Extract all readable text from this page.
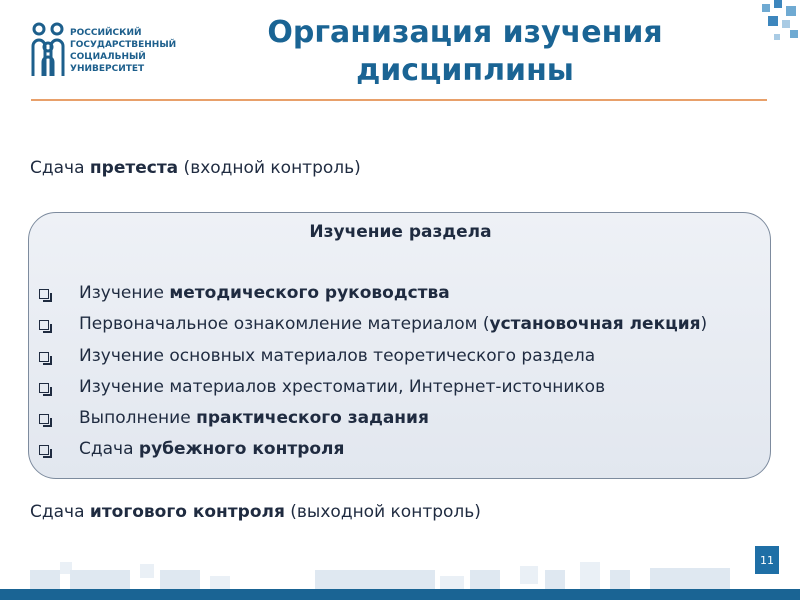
РОССИЙСКИЙ
ГОСУДАРСТВЕННЫЙ
СОЦИАЛЬНЫЙ
УНИВЕРСИТЕТ
Организация изучения
дисциплины
Сдача претеста (входной контроль)
Изучение раздела
Изучение методического руководства
Первоначальное ознакомление материалом (установочная лекция)
Изучение основных материалов теоретического раздела
Изучение материалов хрестоматии, Интернет-источников
Выполнение практического задания
Сдача рубежного контроля
Сдача итогового контроля (выходной контроль)
11
